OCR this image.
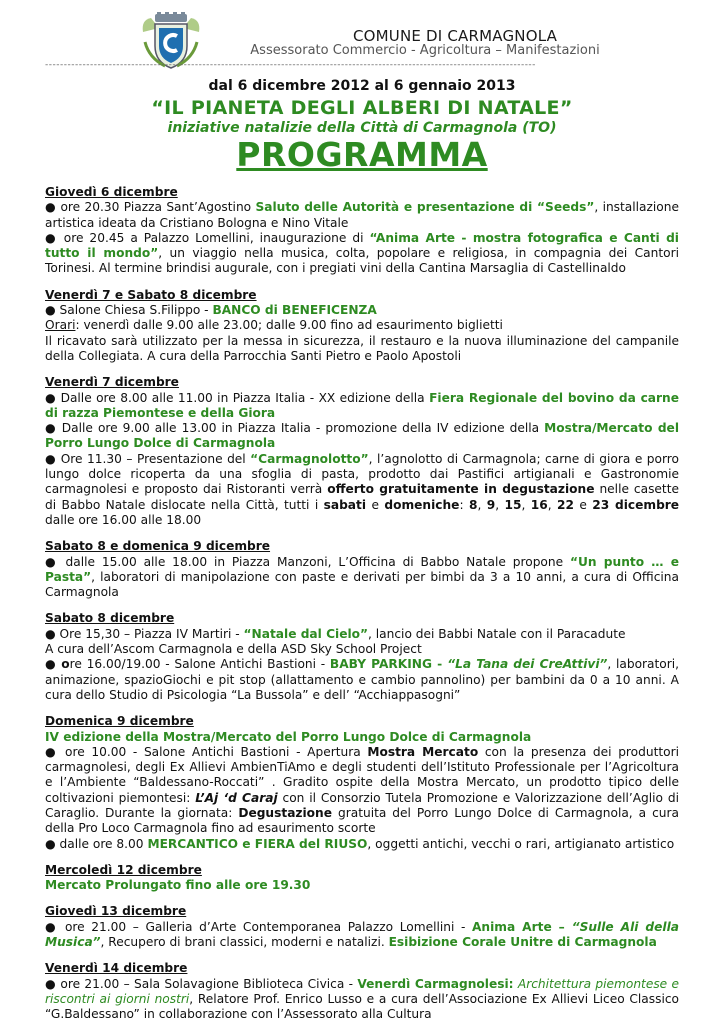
COMUNE DI CARMAGNOLA
Assessorato Commercio - Agricoltura – Manifestazioni
-----------------------------------------------------------------------------------------------------------------------------------
dal 6 dicembre 2012 al 6 gennaio 2013
“IL PIANETA DEGLI ALBERI DI NATALE”
iniziative natalizie della Città di Carmagnola (TO)
PROGRAMMA
Giovedì 6 dicembre
● ore 20.30 Piazza Sant’Agostino Saluto delle Autorità e presentazione di “Seeds”, installazione artistica ideata da Cristiano Bologna e Nino Vitale
● ore 20.45 a Palazzo Lomellini, inaugurazione di “Anima Arte - mostra fotografica e Canti di tutto il mondo”, un viaggio nella musica, colta, popolare e religiosa, in compagnia dei Cantori Torinesi. Al termine brindisi augurale, con i pregiati vini della Cantina Marsaglia di Castellinaldo
Venerdì 7 e Sabato 8 dicembre
● Salone Chiesa S.Filippo - BANCO di BENEFICENZA
Orari: venerdì dalle 9.00 alle 23.00; dalle 9.00 fino ad esaurimento biglietti
Il ricavato sarà utilizzato per la messa in sicurezza, il restauro e la nuova illuminazione del campanile della Collegiata. A cura della Parrocchia Santi Pietro e Paolo Apostoli
Venerdì 7 dicembre
● Dalle ore 8.00 alle 11.00 in Piazza Italia - XX edizione della Fiera Regionale del bovino da carne di razza Piemontese e della Giora
● Dalle ore 9.00 alle 13.00 in Piazza Italia - promozione della IV edizione della Mostra/Mercato del Porro Lungo Dolce di Carmagnola
● Ore 11.30 – Presentazione del “Carmagnolotto”, l’agnolotto di Carmagnola; carne di giora e porro lungo dolce ricoperta da una sfoglia di pasta, prodotto dai Pastifici artigianali e Gastronomie carmagnolesi e proposto dai Ristoranti verrà offerto gratuitamente in degustazione nelle casette di Babbo Natale dislocate nella Città, tutti i sabati e domeniche: 8, 9, 15, 16, 22 e 23 dicembre dalle ore 16.00 alle 18.00
Sabato 8 e domenica 9 dicembre
● dalle 15.00 alle 18.00 in Piazza Manzoni, L’Officina di Babbo Natale propone “Un punto … e Pasta”, laboratori di manipolazione con paste e derivati per bimbi da 3 a 10 anni, a cura di Officina Carmagnola
Sabato 8 dicembre
● Ore 15,30 – Piazza IV Martiri - “Natale dal Cielo”, lancio dei Babbi Natale con il Paracadute
A cura dell’Ascom Carmagnola e della ASD Sky School Project
● ore 16.00/19.00 - Salone Antichi Bastioni - BABY PARKING - “La Tana dei CreAttivi”, laboratori, animazione, spazioGiochi e pit stop (allattamento e cambio pannolino) per bambini da 0 a 10 anni. A cura dello Studio di Psicologia “La Bussola” e dell’ “Acchiappasogni”
Domenica 9 dicembre
IV edizione della Mostra/Mercato del Porro Lungo Dolce di Carmagnola
● ore 10.00 - Salone Antichi Bastioni - Apertura Mostra Mercato con la presenza dei produttori carmagnolesi, degli Ex Allievi AmbienTiAmo e degli studenti dell’Istituto Professionale per l’Agricoltura e l’Ambiente “Baldessano-Roccati” . Gradito ospite della Mostra Mercato, un prodotto tipico delle coltivazioni piemontesi: L’Aj ‘d Caraj con il Consorzio Tutela Promozione e Valorizzazione dell’Aglio di Caraglio. Durante la giornata: Degustazione gratuita del Porro Lungo Dolce di Carmagnola, a cura della Pro Loco Carmagnola fino ad esaurimento scorte
● dalle ore 8.00 MERCANTICO e FIERA del RIUSO, oggetti antichi, vecchi o rari, artigianato artistico
Mercoledì 12 dicembre
Mercato Prolungato fino alle ore 19.30
Giovedì 13 dicembre
● ore 21.00 – Galleria d’Arte Contemporanea Palazzo Lomellini - Anima Arte – “Sulle Ali della Musica”, Recupero di brani classici, moderni e natalizi. Esibizione Corale Unitre di Carmagnola
Venerdì 14 dicembre
● ore 21.00 – Sala Solavagione Biblioteca Civica - Venerdì Carmagnolesi: Architettura piemontese e riscontri ai giorni nostri, Relatore Prof. Enrico Lusso e a cura dell’Associazione Ex Allievi Liceo Classico “G.Baldessano” in collaborazione con l’Assessorato alla Cultura
